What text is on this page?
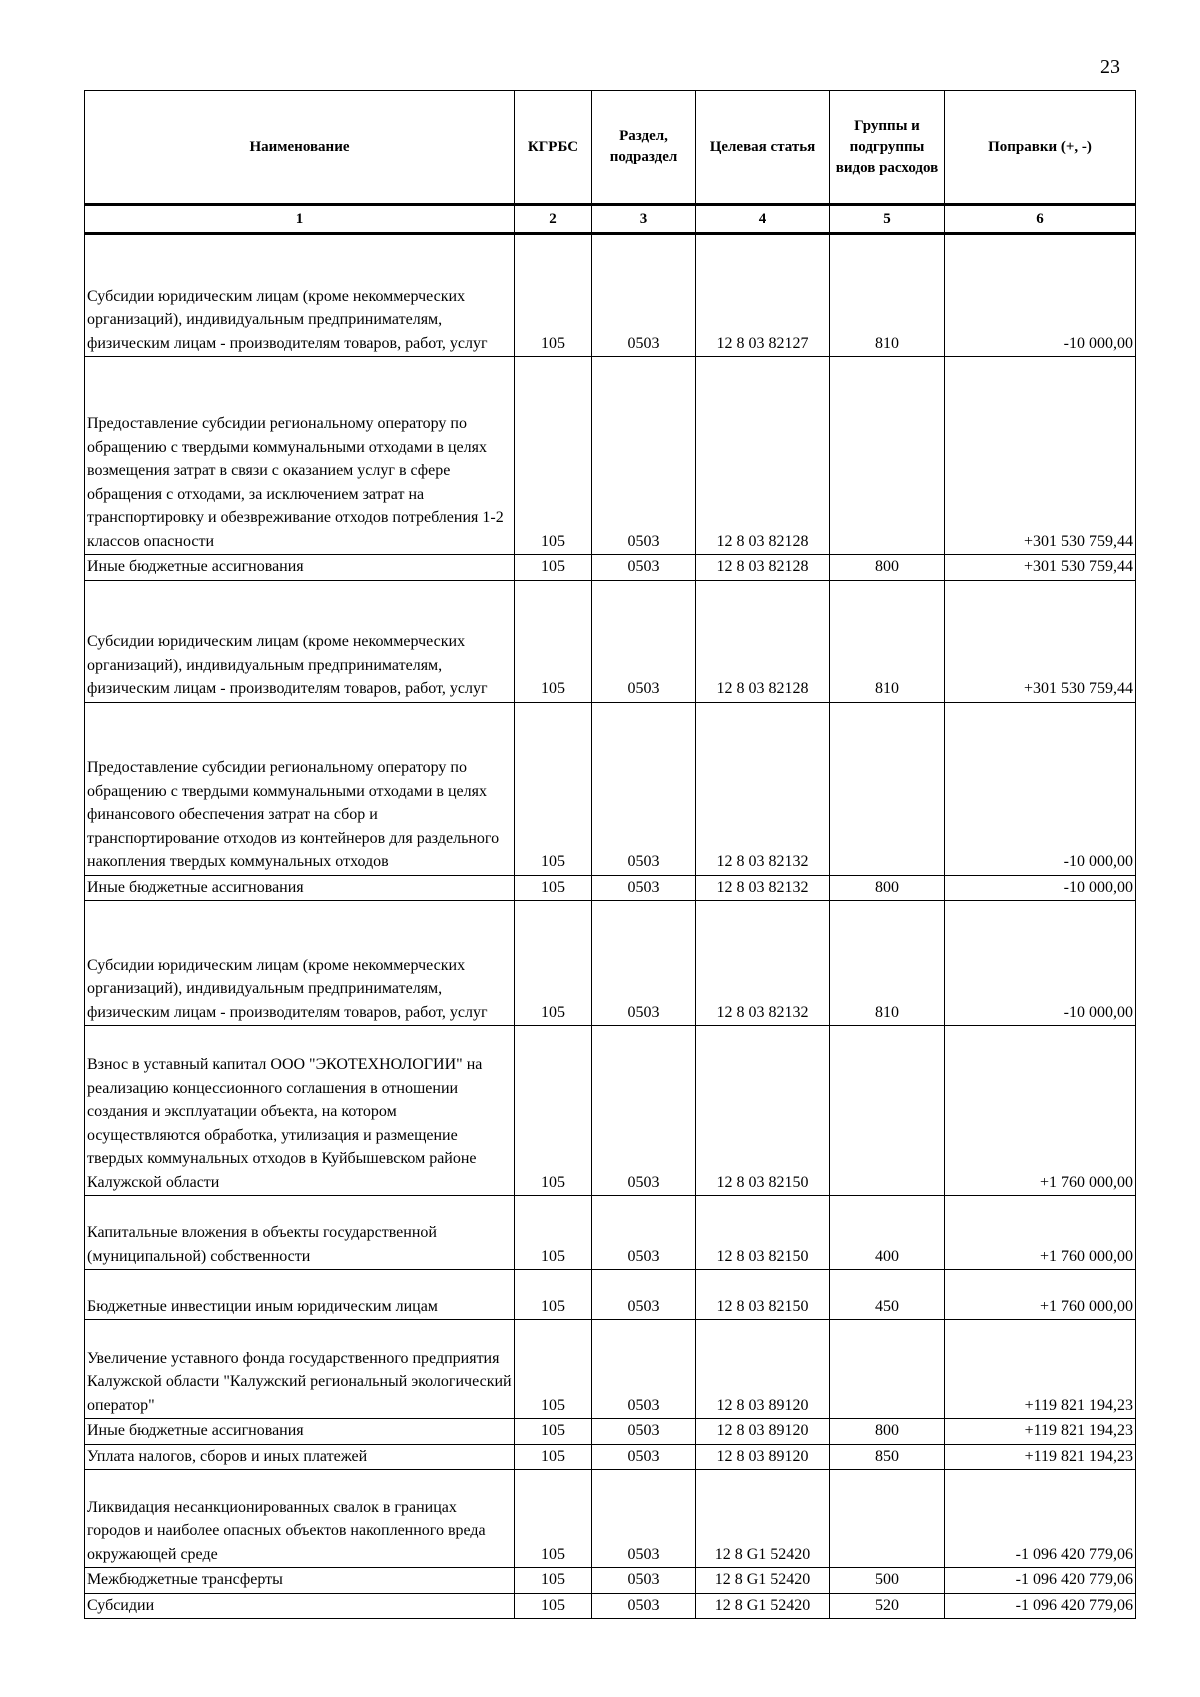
23
Наименование	КГРБС	Раздел, подраздел	Целевая статья	Группы и подгруппы видов расходов	Поправки (+, -)
1	2	3	4	5	6
Субсидии юридическим лицам (кроме некоммерческих организаций), индивидуальным предпринимателям, физическим лицам - производителям товаров, работ, услуг	105	0503	12 8 03 82127	810	-10 000,00
Предоставление субсидии региональному оператору по обращению с твердыми коммунальными отходами в целях возмещения затрат в связи с оказанием услуг в сфере обращения с отходами, за исключением затрат на транспортировку и обезвреживание отходов потребления 1-2 классов опасности	105	0503	12 8 03 82128		+301 530 759,44
Иные бюджетные ассигнования	105	0503	12 8 03 82128	800	+301 530 759,44
Субсидии юридическим лицам (кроме некоммерческих организаций), индивидуальным предпринимателям, физическим лицам - производителям товаров, работ, услуг	105	0503	12 8 03 82128	810	+301 530 759,44
Предоставление субсидии региональному оператору по обращению с твердыми коммунальными отходами в целях финансового обеспечения затрат на сбор и транспортирование отходов из контейнеров для раздельного накопления твердых коммунальных отходов	105	0503	12 8 03 82132		-10 000,00
Иные бюджетные ассигнования	105	0503	12 8 03 82132	800	-10 000,00
Субсидии юридическим лицам (кроме некоммерческих организаций), индивидуальным предпринимателям, физическим лицам - производителям товаров, работ, услуг	105	0503	12 8 03 82132	810	-10 000,00
Взнос в уставный капитал ООО "ЭКОТЕХНОЛОГИИ" на реализацию концессионного соглашения в отношении создания и эксплуатации объекта, на котором осуществляются обработка, утилизация и размещение твердых коммунальных отходов в Куйбышевском районе Калужской области	105	0503	12 8 03 82150		+1 760 000,00
Капитальные вложения в объекты государственной (муниципальной) собственности	105	0503	12 8 03 82150	400	+1 760 000,00
Бюджетные инвестиции иным юридическим лицам	105	0503	12 8 03 82150	450	+1 760 000,00
Увеличение уставного фонда государственного предприятия Калужской области "Калужский региональный экологический оператор"	105	0503	12 8 03 89120		+119 821 194,23
Иные бюджетные ассигнования	105	0503	12 8 03 89120	800	+119 821 194,23
Уплата налогов, сборов и иных платежей	105	0503	12 8 03 89120	850	+119 821 194,23
Ликвидация несанкционированных свалок в границах городов и наиболее опасных объектов накопленного вреда окружающей среде	105	0503	12 8 G1 52420		-1 096 420 779,06
Межбюджетные трансферты	105	0503	12 8 G1 52420	500	-1 096 420 779,06
Субсидии	105	0503	12 8 G1 52420	520	-1 096 420 779,06
